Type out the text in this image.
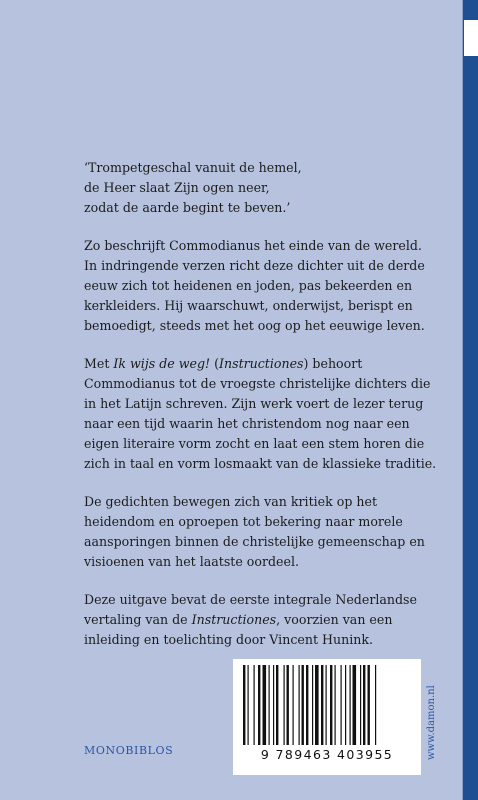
‘Trompetgeschal vanuit de hemel,
de Heer slaat Zijn ogen neer,
zodat de aarde begint te beven.’

Zo beschrijft Commodianus het einde van de wereld.
In indringende verzen richt deze dichter uit de derde
eeuw zich tot heidenen en joden, pas bekeerden en
kerkleiders. Hij waarschuwt, onderwijst, berispt en
bemoedigt, steeds met het oog op het eeuwige leven.

Met Ik wijs de weg! (Instructiones) behoort
Commodianus tot de vroegste christelijke dichters die
in het Latijn schreven. Zijn werk voert de lezer terug
naar een tijd waarin het christendom nog naar een
eigen literaire vorm zocht en laat een stem horen die
zich in taal en vorm losmaakt van de klassieke traditie.

De gedichten bewegen zich van kritiek op het
heidendom en oproepen tot bekering naar morele
aansporingen binnen de christelijke gemeenschap en
visioenen van het laatste oordeel.

Deze uitgave bevat de eerste integrale Nederlandse
vertaling van de Instructiones, voorzien van een
inleiding en toelichting door Vincent Hunink.

MONOBIBLOS	9 789463 403955	www.damon.nl
